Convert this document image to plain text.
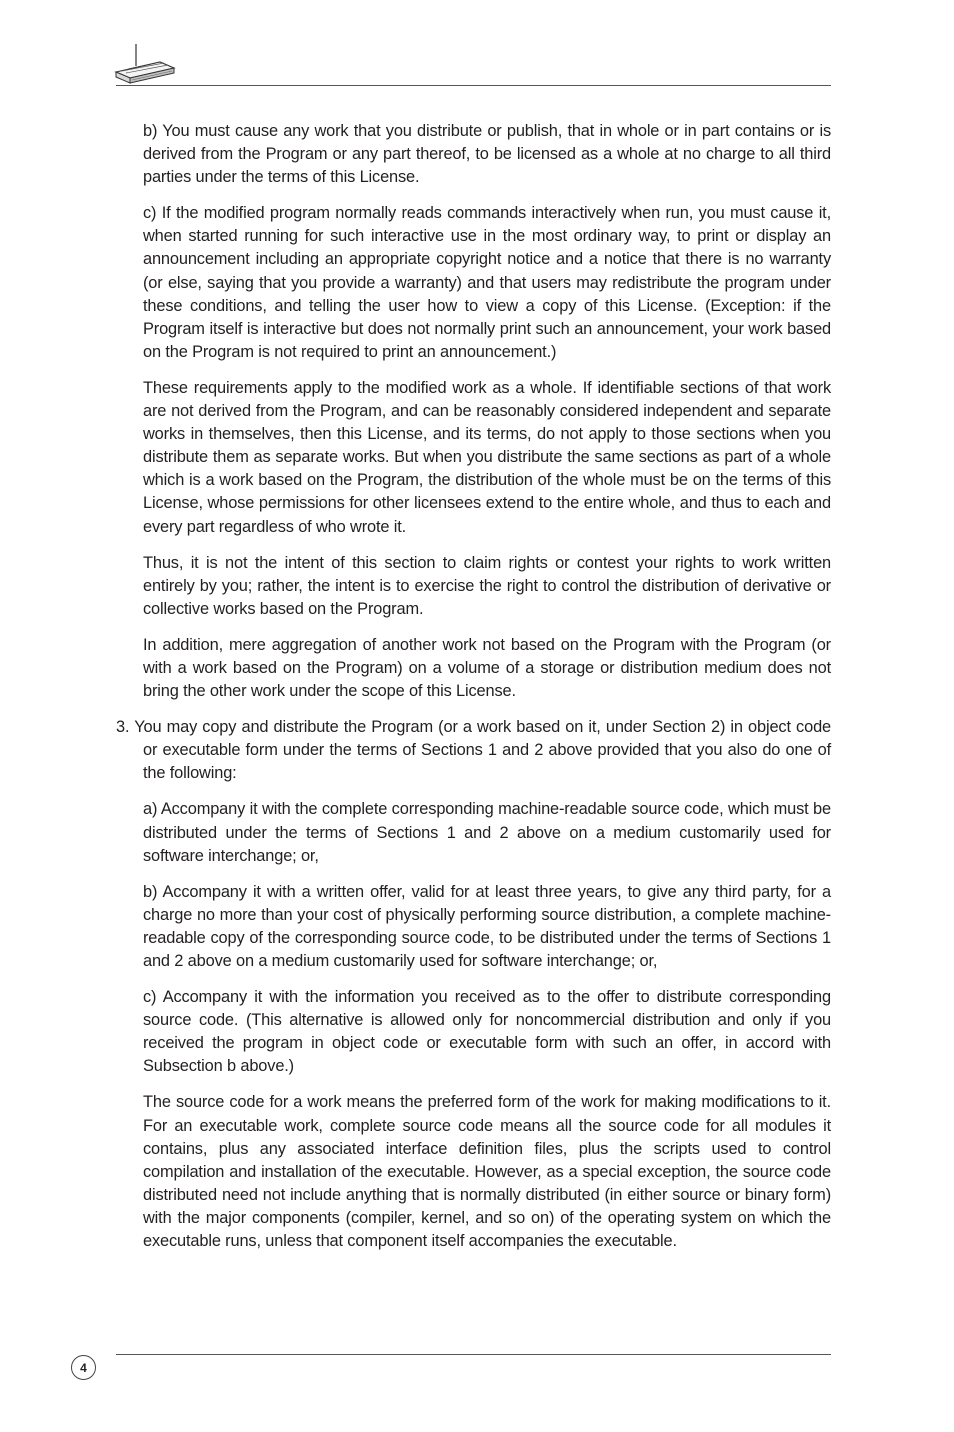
b) You must cause any work that you distribute or publish, that in whole or in part contains or is derived from the Program or any part thereof, to be licensed as a whole at no charge to all third parties under the terms of this License.

c) If the modified program normally reads commands interactively when run, you must cause it, when started running for such interactive use in the most ordinary way, to print or display an announcement including an appropriate copyright notice and a notice that there is no warranty (or else, saying that you provide a warranty) and that users may redistribute the program under these conditions, and telling the user how to view a copy of this License. (Exception: if the Program itself is interactive but does not normally print such an announcement, your work based on the Program is not required to print an announcement.)

These requirements apply to the modified work as a whole. If identifiable sections of that work are not derived from the Program, and can be reasonably considered independent and separate works in themselves, then this License, and its terms, do not apply to those sections when you distribute them as separate works. But when you distribute the same sections as part of a whole which is a work based on the Program, the distribution of the whole must be on the terms of this License, whose permissions for other licensees extend to the entire whole, and thus to each and every part regardless of who wrote it.

Thus, it is not the intent of this section to claim rights or contest your rights to work written entirely by you; rather, the intent is to exercise the right to control the distribution of derivative or collective works based on the Program.

In addition, mere aggregation of another work not based on the Program with the Program (or with a work based on the Program) on a volume of a storage or distribution medium does not bring the other work under the scope of this License.

3. You may copy and distribute the Program (or a work based on it, under Section 2) in object code or executable form under the terms of Sections 1 and 2 above provided that you also do one of the following:

a) Accompany it with the complete corresponding machine-readable source code, which must be distributed under the terms of Sections 1 and 2 above on a medium customarily used for software interchange; or,

b) Accompany it with a written offer, valid for at least three years, to give any third party, for a charge no more than your cost of physically performing source distribution, a complete machine-readable copy of the corresponding source code, to be distributed under the terms of Sections 1 and 2 above on a medium customarily used for software interchange; or,

c) Accompany it with the information you received as to the offer to distribute corresponding source code. (This alternative is allowed only for noncommercial distribution and only if you received the program in object code or executable form with such an offer, in accord with Subsection b above.)

The source code for a work means the preferred form of the work for making modifications to it. For an executable work, complete source code means all the source code for all modules it contains, plus any associated interface definition files, plus the scripts used to control compilation and installation of the executable. However, as a special exception, the source code distributed need not include anything that is normally distributed (in either source or binary form) with the major components (compiler, kernel, and so on) of the operating system on which the executable runs, unless that component itself accompanies the executable.

4
